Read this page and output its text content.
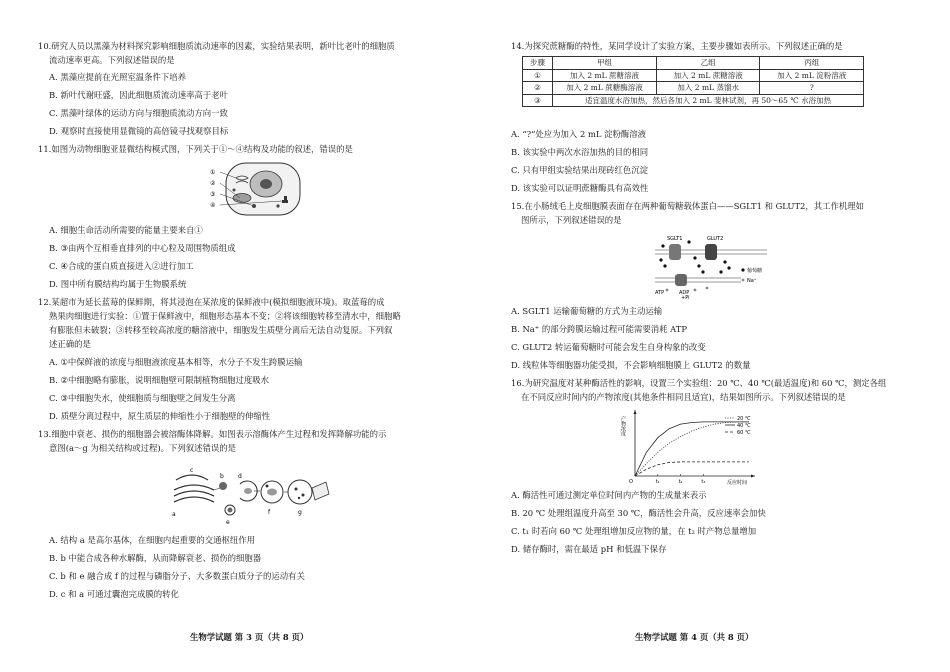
10.研究人员以黑藻为材料探究影响细胞质流动速率的因素，实验结果表明，新叶比老叶的细胞质
流动速率更高。下列叙述错误的是
A. 黑藻应提前在光照室温条件下培养
B. 新叶代谢旺盛，因此细胞质流动速率高于老叶
C. 黑藻叶绿体的运动方向与细胞质流动方向一致
D. 观察时直接使用显微镜的高倍镜寻找观察目标
11.如图为动物细胞亚显微结构模式图，下列关于①～④结构及功能的叙述，错误的是
①
②
③
④
A. 细胞生命活动所需要的能量主要来自①
B. ③由两个互相垂直排列的中心粒及周围物质组成
C. ④合成的蛋白质直接进入②进行加工
D. 图中所有膜结构均属于生物膜系统
12.某超市为延长蓝莓的保鲜期，将其浸泡在某浓度的保鲜液中(模拟细胞液环境)。取蓝莓的成
熟果肉细胞进行实验：①置于保鲜液中，细胞形态基本不变；②将该细胞转移至清水中，细胞略
有膨胀但未破裂；③转移至较高浓度的糖溶液中，细胞发生质壁分离后无法自动复原。下列叙
述正确的是
A. ①中保鲜液的浓度与细胞液浓度基本相等，水分子不发生跨膜运输
B. ②中细胞略有膨胀，说明细胞壁可限制植物细胞过度吸水
C. ③中细胞失水，使细胞质与细胞壁之间发生分离
D. 质壁分离过程中，原生质层的伸缩性小于细胞壁的伸缩性
13.细胞中衰老、损伤的细胞器会被溶酶体降解。如图表示溶酶体产生过程和发挥降解功能的示
意图(a～g 为相关结构或过程)。下列叙述错误的是
a
b
c
d
e
f	g
A. 结构 a 是高尔基体，在细胞内起重要的交通枢纽作用
B. b 中能合成各种水解酶，从而降解衰老、损伤的细胞器
C. b 和 e 融合成 f 的过程与磷脂分子、大多数蛋白质分子的运动有关
D. c 和 a 可通过囊泡完成膜的转化
生物学试题 第 3 页（共 8 页）
14.为探究蔗糖酶的特性，某同学设计了实验方案，主要步骤如表所示。下列叙述正确的是
步骤	甲组	乙组	丙组
①	加入 2 mL 蔗糖溶液	加入 2 mL 蔗糖溶液	加入 2 mL 淀粉溶液
②	加入 2 mL 蔗糖酶溶液	加入 2 mL 蒸馏水	?
③	适宜温度水浴加热，然后各加入 2 mL 斐林试剂，再 50～65 ℃ 水浴加热		
A. “?”处应为加入 2 mL 淀粉酶溶液
B. 该实验中两次水浴加热的目的相同
C. 只有甲组实验结果出现砖红色沉淀
D. 该实验可以证明蔗糖酶具有高效性
15.在小肠绒毛上皮细胞膜表面存在两种葡萄糖载体蛋白——SGLT1 和 GLUT2，其工作机理如
图所示，下列叙述错误的是
SGLT1	GLUT2
ATP	ADP
+Pi
葡萄糖
Na⁺
A. SGLT1 运输葡萄糖的方式为主动运输
B. Na⁺ 的部分跨膜运输过程可能需要消耗 ATP
C. GLUT2 转运葡萄糖时可能会发生自身构象的改变
D. 线粒体等细胞器功能受损，不会影响细胞膜上 GLUT2 的数量
16.为研究温度对某种酶活性的影响，设置三个实验组：20 ℃、40 ℃(最适温度)和 60 ℃，测定各组
在不同反应时间内的产物浓度(其他条件相同且适宜)，结果如图所示。下列叙述错误的是
产物浓度
反应时间
O	t₁	t₂	t₃
20 ℃
40 ℃
60 ℃
A. 酶活性可通过测定单位时间内产物的生成量来表示
B. 20 ℃ 处理组温度升高至 30 ℃，酶活性会升高，反应速率会加快
C. t₁ 时若向 60 ℃ 处理组增加反应物的量，在 t₂ 时产物总量增加
D. 储存酶时，需在最适 pH 和低温下保存
生物学试题 第 4 页（共 8 页）
